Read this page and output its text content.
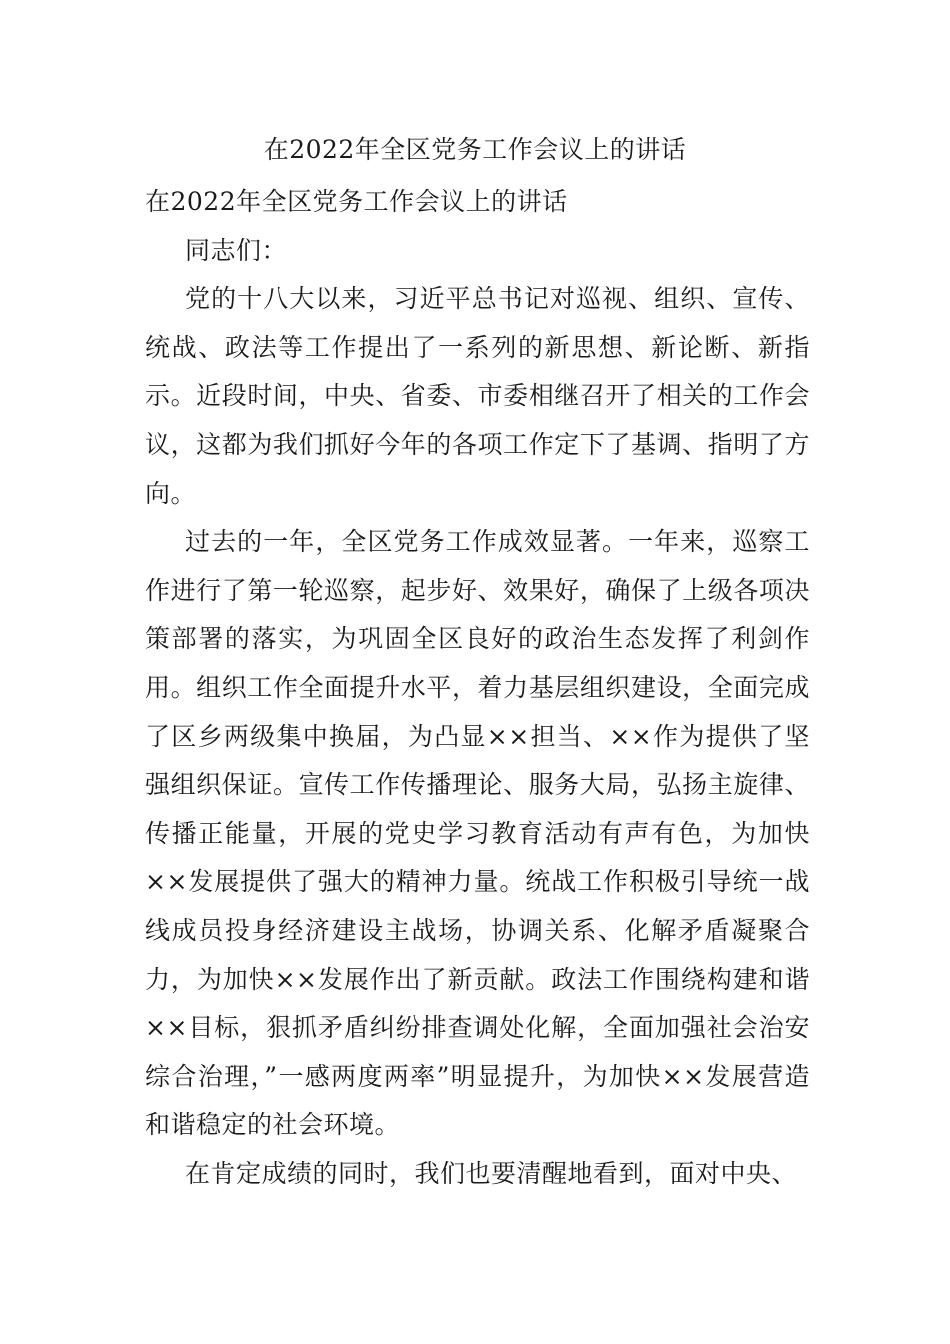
在2022年全区党务工作会议上的讲话

在2022年全区党务工作会议上的讲话

同志们：

党的十八大以来，习近平总书记对巡视、组织、宣传、统战、政法等工作提出了一系列的新思想、新论断、新指示。近段时间，中央、省委、市委相继召开了相关的工作会议，这都为我们抓好今年的各项工作定下了基调、指明了方向。

过去的一年，全区党务工作成效显著。一年来，巡察工作进行了第一轮巡察，起步好、效果好，确保了上级各项决策部署的落实，为巩固全区良好的政治生态发挥了利剑作用。组织工作全面提升水平，着力基层组织建设，全面完成了区乡两级集中换届，为凸显××担当、××作为提供了坚强组织保证。宣传工作传播理论、服务大局，弘扬主旋律、传播正能量，开展的党史学习教育活动有声有色，为加快××发展提供了强大的精神力量。统战工作积极引导统一战线成员投身经济建设主战场，协调关系、化解矛盾凝聚合力，为加快××发展作出了新贡献。政法工作围绕构建和谐××目标，狠抓矛盾纠纷排查调处化解，全面加强社会治安综合治理，”一感两度两率”明显提升，为加快××发展营造和谐稳定的社会环境。

在肯定成绩的同时，我们也要清醒地看到，面对中央、
